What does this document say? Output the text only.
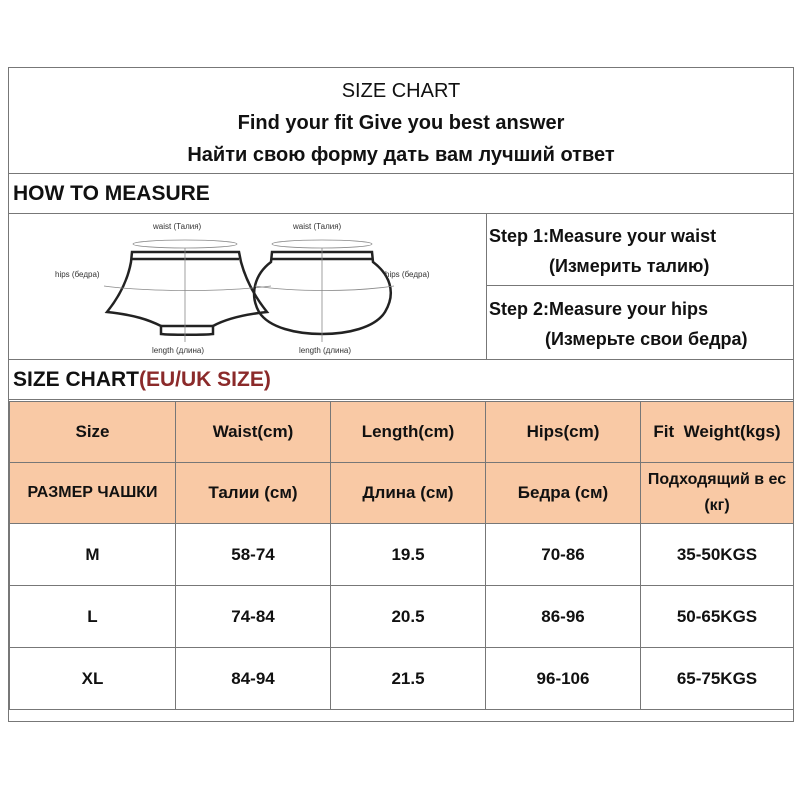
SIZE CHART
Find your fit Give you best answer
Найти свою форму дать вам лучший ответ
HOW TO MEASURE
waist (Талия)	waist (Талия)
hips (бедра)	hips (бедра)
length (длина)	length (длина)
Step 1:Measure your waist
(Измерить талию)
Step 2:Measure your hips
(Измерьте свои бедра)
SIZE CHART(EU/UK SIZE)
Size	Waist(cm)	Length(cm)	Hips(cm)	Fit  Weight(kgs)
РАЗМЕР ЧАШКИ	Талии (см)	Длина (см)	Бедра (см)	Подходящий в ес (кг)
M	58-74	19.5	70-86	35-50KGS
L	74-84	20.5	86-96	50-65KGS
XL	84-94	21.5	96-106	65-75KGS
